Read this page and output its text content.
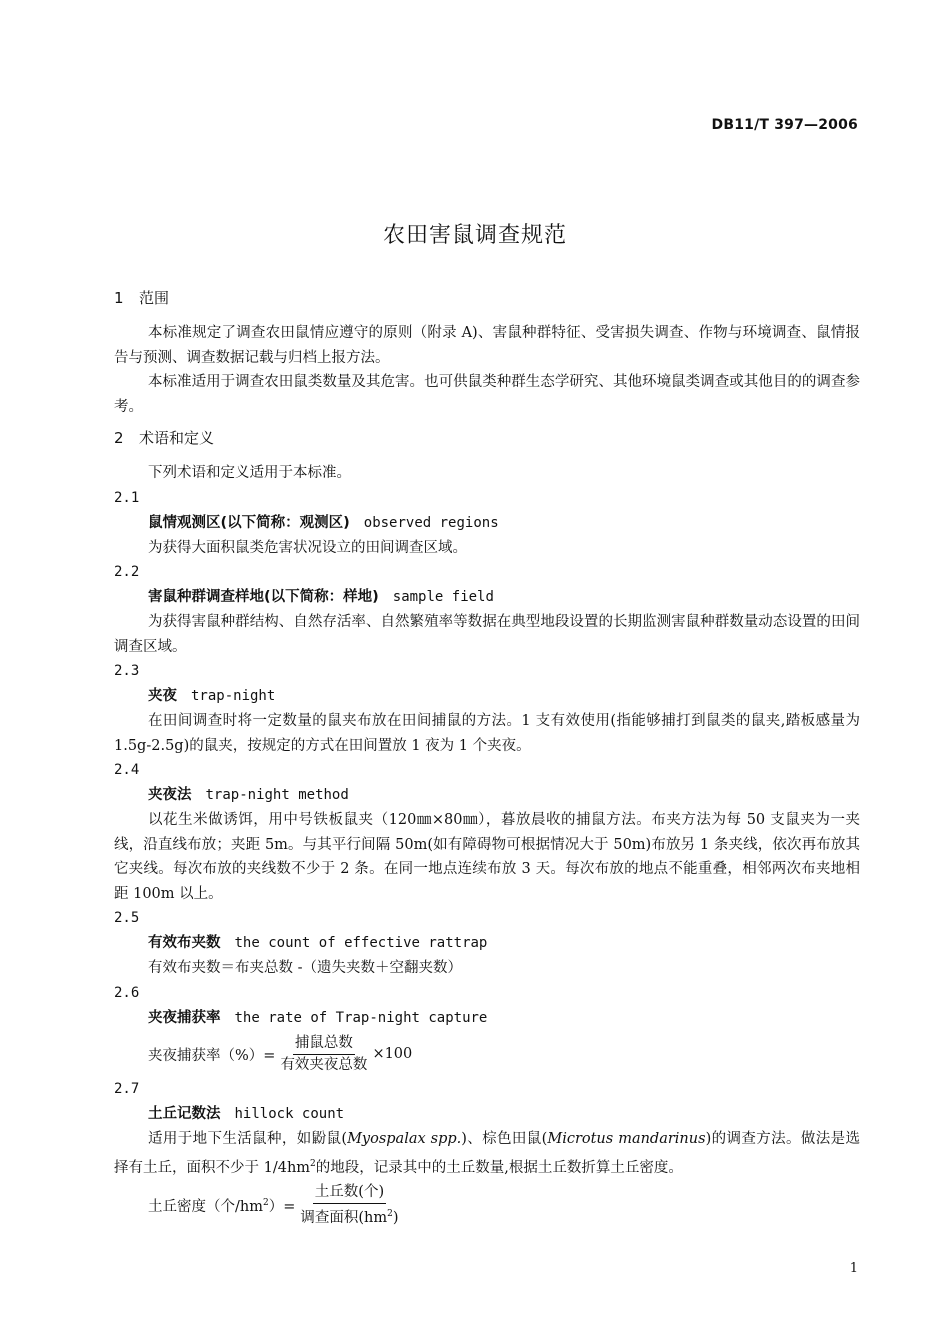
DB11/T 397—2006
农田害鼠调查规范
1 范围
本标准规定了调查农田鼠情应遵守的原则（附录 A)、害鼠种群特征、受害损失调查、作物与环境调查、鼠情报告与预测、调查数据记载与归档上报方法。
本标准适用于调查农田鼠类数量及其危害。也可供鼠类种群生态学研究、其他环境鼠类调查或其他目的的调查参考。
2 术语和定义
下列术语和定义适用于本标准。
2.1
鼠情观测区(以下简称：观测区) observed regions
为获得大面积鼠类危害状况设立的田间调查区域。
2.2
害鼠种群调查样地(以下简称：样地) sample field
为获得害鼠种群结构、自然存活率、自然繁殖率等数据在典型地段设置的长期监测害鼠种群数量动态设置的田间调查区域。
2.3
夹夜 trap-night
在田间调查时将一定数量的鼠夹布放在田间捕鼠的方法。1 支有效使用(指能够捕打到鼠类的鼠夹,踏板感量为 1.5g-2.5g)的鼠夹，按规定的方式在田间置放 1 夜为 1 个夹夜。
2.4
夹夜法 trap-night method
以花生米做诱饵，用中号铁板鼠夹（120㎜×80㎜），暮放晨收的捕鼠方法。布夹方法为每 50 支鼠夹为一夹线，沿直线布放；夹距 5m。与其平行间隔 50m(如有障碍物可根据情况大于 50m)布放另 1 条夹线，依次再布放其它夹线。每次布放的夹线数不少于 2 条。在同一地点连续布放 3 天。每次布放的地点不能重叠，相邻两次布夹地相距 100m 以上。
2.5
有效布夹数 the count of effective rattrap
有效布夹数＝布夹总数 -（遗失夹数＋空翻夹数）
2.6
夹夜捕获率 the rate of Trap-night capture
夹夜捕获率（%）= $\frac{\text{捕鼠总数}}{\text{有效夹夜总数}} \times 100$
2.7
土丘记数法 hillock count
适用于地下生活鼠种，如鼢鼠(Myospalax spp.)、棕色田鼠(Microtus mandarinus)的调查方法。做法是选择有土丘，面积不少于 $1/4hm^2$的地段，记录其中的土丘数量,根据土丘数折算土丘密度。
土丘密度（个$/hm^2)= \frac{\text{土丘数(个)}}{调查面积(hm^2)}$
1
